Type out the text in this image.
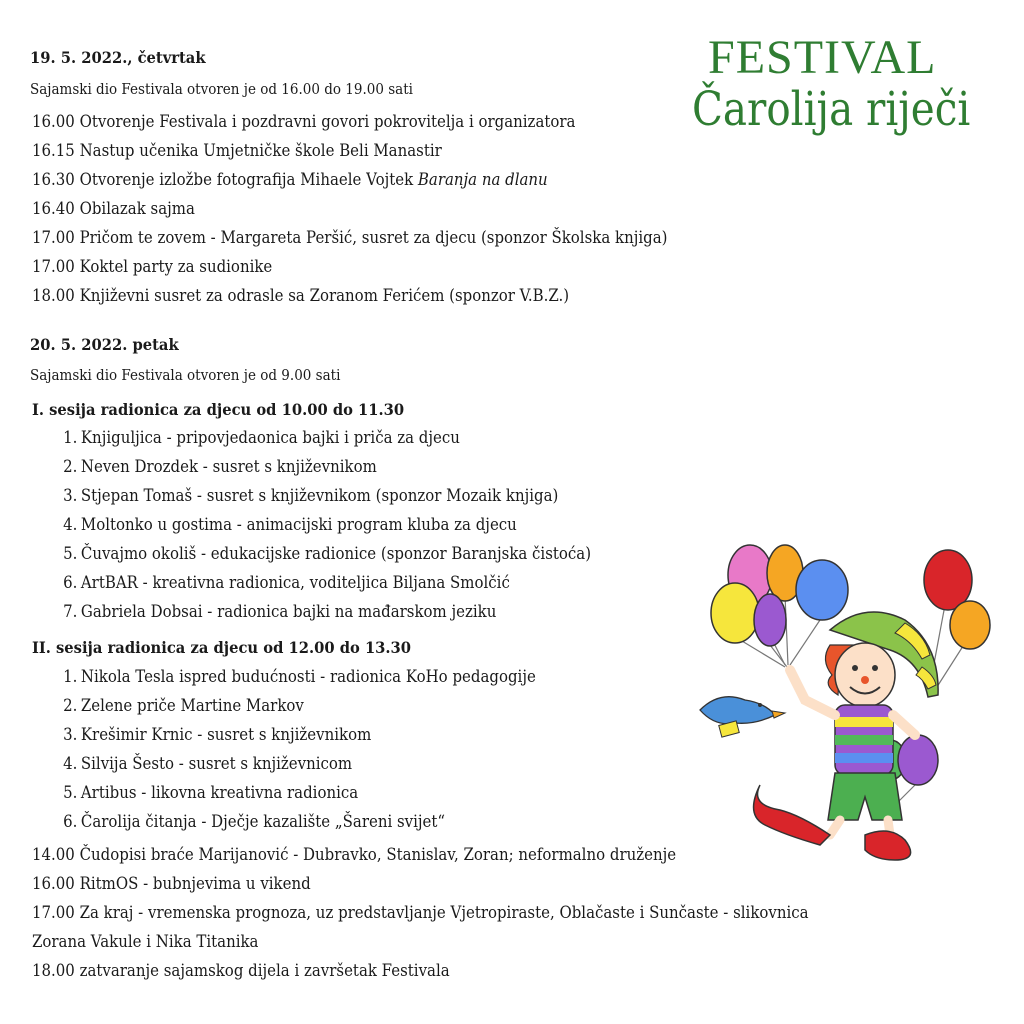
FESTIVAL
Čarolija riječi
19. 5. 2022., četvrtak
Sajamski dio Festivala otvoren je od 16.00 do 19.00 sati
16.00 Otvorenje Festivala i pozdravni govori pokrovitelja i organizatora
16.15 Nastup učenika Umjetničke škole Beli Manastir
16.30 Otvorenje izložbe fotografija Mihaele Vojtek Baranja na dlanu
16.40 Obilazak sajma
17.00 Pričom te zovem - Margareta Peršić, susret za djecu (sponzor Školska knjiga)
17.00 Koktel party za sudionike
18.00 Književni susret za odrasle sa Zoranom Ferićem (sponzor V.B.Z.)
20. 5. 2022. petak
Sajamski dio Festivala otvoren je od 9.00 sati
I. sesija radionica za djecu od 10.00 do 11.30
1. Knjiguljica - pripovjedaonica bajki i priča za djecu
2. Neven Drozdek - susret s književnikom
3. Stjepan Tomaš - susret s književnikom (sponzor Mozaik knjiga)
4. Moltonko u gostima - animacijski program kluba za djecu
5. Čuvajmo okoliš - edukacijske radionice (sponzor Baranjska čistoća)
6. ArtBAR - kreativna radionica, voditeljica Biljana Smolčić
7. Gabriela Dobsai - radionica bajki na mađarskom jeziku
II. sesija radionica za djecu od 12.00 do 13.30
1. Nikola Tesla ispred budućnosti - radionica KoHo pedagogije
2. Zelene priče Martine Markov
3. Krešimir Krnic - susret s književnikom
4. Silvija Šesto - susret s književnicom
5. Artibus - likovna kreativna radionica
6. Čarolija čitanja - Dječje kazalište „Šareni svijet“
14.00 Čudopisi braće Marijanović - Dubravko, Stanislav, Zoran; neformalno druženje
16.00 RitmOS - bubnjevima u vikend
17.00 Za kraj - vremenska prognoza, uz predstavljanje Vjetropiraste, Oblačaste i Sunčaste - slikovnica
Zorana Vakule i Nika Titanika
18.00 zatvaranje sajamskog dijela i završetak Festivala
